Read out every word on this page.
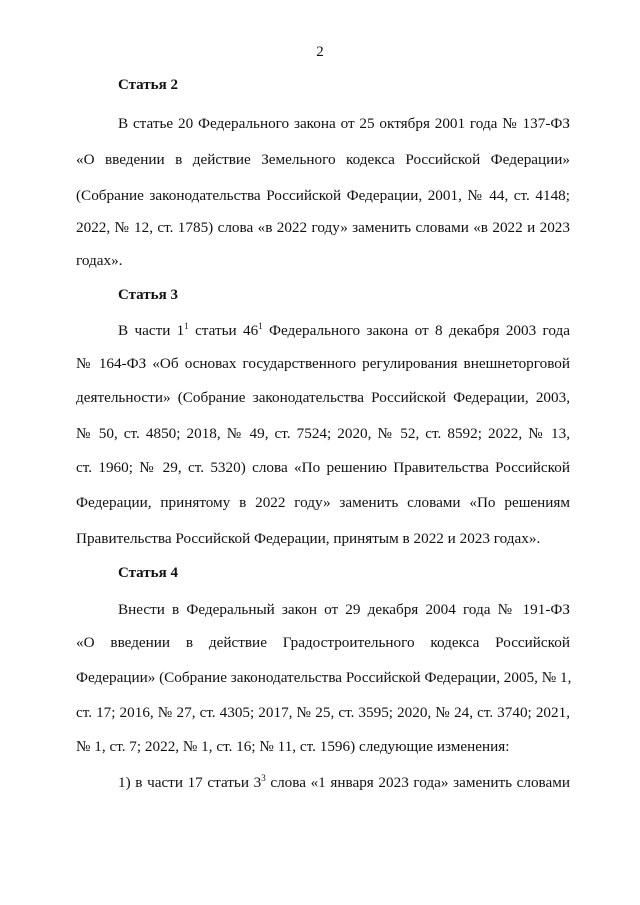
2
Статья 2
В статье 20 Федерального закона от 25 октября 2001 года № 137-ФЗ
«О введении в действие Земельного кодекса Российской Федерации»
(Собрание законодательства Российской Федерации, 2001, № 44, ст. 4148;
2022, № 12, ст. 1785) слова «в 2022 году» заменить словами «в 2022 и 2023
годах».
Статья 3
В части $1^1$ статьи $46^1$ Федерального закона от 8 декабря 2003 года
№ 164-ФЗ «Об основах государственного регулирования внешнеторговой
деятельности» (Собрание законодательства Российской Федерации, 2003,
№ 50, ст. 4850; 2018, № 49, ст. 7524; 2020, № 52, ст. 8592; 2022, № 13,
ст. 1960; № 29, ст. 5320) слова «По решению Правительства Российской
Федерации, принятому в 2022 году» заменить словами «По решениям
Правительства Российской Федерации, принятым в 2022 и 2023 годах».
Статья 4
Внести в Федеральный закон от 29 декабря 2004 года № 191-ФЗ
«О введении в действие Градостроительного кодекса Российской
Федерации» (Собрание законодательства Российской Федерации, 2005, № 1,
ст. 17; 2016, № 27, ст. 4305; 2017, № 25, ст. 3595; 2020, № 24, ст. 3740; 2021,
№ 1, ст. 7; 2022, № 1, ст. 16; № 11, ст. 1596) следующие изменения:
1) в части 17 статьи $3^3$ слова «1 января 2023 года» заменить словами
